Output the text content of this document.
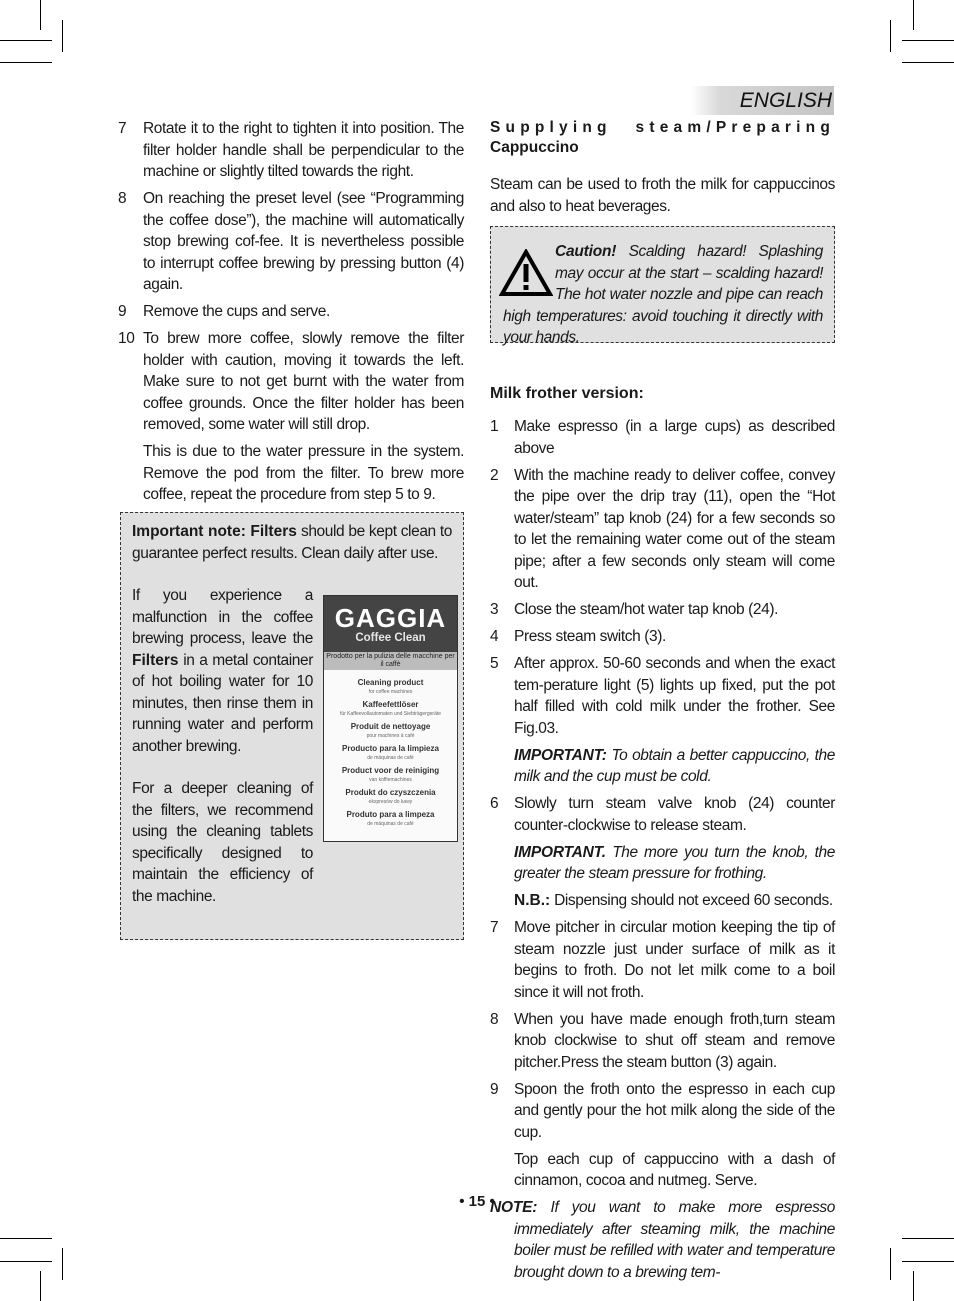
ENGLISH
7	Rotate it to the right to tighten it into position. The filter holder handle shall be perpendicular to the machine or slightly tilted towards the right.
8	On reaching the preset level (see “Programming the coffee dose”), the machine will automatically stop brewing cof-fee. It is nevertheless possible to interrupt coffee brewing by pressing button (4) again.
9	Remove the cups and serve.
10 To brew more coffee, slowly remove the filter holder with caution, moving it towards the left. Make sure to not get burnt with the water from coffee grounds. Once the filter holder has been removed, some water will still drop.
This is due to the water pressure in the system. Remove the pod from the filter. To brew more coffee, repeat the procedure from step 5 to 9.

Important note: Filters should be kept clean to guarantee perfect results. Clean daily after use.

If you experience a malfunction in the coffee brewing process, leave the Filters in a metal container of hot boiling water for 10 minutes, then rinse them in running water and perform another brewing.

For a deeper cleaning of the filters, we recommend using the cleaning tablets specifically designed to maintain the efficiency of the machine.

GAGGIA
Coffee Clean
Prodotto per la pulizia delle macchine per il caffè
Cleaning product
for coffee machines
Kaffeefettlöser
für Kaffeevollautomaten und Siebträgergeräte
Produit de nettoyage
pour machines à café
Producto para la limpieza
de máquinas de café
Product voor de reiniging
van koffiemachines
Produkt do czyszczenia
ekspresów do kawy
Produto para a limpeza
de máquinas de café
Supplying steam/Preparing
Cappuccino

Steam can be used to froth the milk for cappuccinos and also to heat beverages.

Caution! Scalding hazard! Splashing may occur at the start – scalding hazard! The hot water nozzle and pipe can reach high temperatures: avoid touching it directly with your hands.
Milk frother version:
1	Make espresso (in a large cups) as described above
2	With the machine ready to deliver coffee, convey the pipe over the drip tray (11), open the “Hot water/steam” tap knob (24) for a few seconds so to let the remaining water come out of the steam pipe; after a few seconds only steam will come out.
3	Close the steam/hot water tap knob (24).
4	Press steam switch (3).
5	After approx. 50-60 seconds and when the exact tem-perature light (5) lights up fixed, put the pot half filled with cold milk under the frother. See Fig.03.
IMPORTANT: To obtain a better cappuccino, the milk and the cup must be cold.
6	Slowly turn steam valve knob (24) counter counter-clockwise to release steam.
IMPORTANT. The more you turn the knob, the greater the steam pressure for frothing.
N.B.: Dispensing should not exceed 60 seconds.
7	Move pitcher in circular motion keeping the tip of steam nozzle just under surface of milk as it begins to froth. Do not let milk come to a boil since it will not froth.
8	When you have made enough froth,turn steam knob clockwise to shut off steam and remove pitcher.Press the steam button (3) again.
9	Spoon the froth onto the espresso in each cup and gently pour the hot milk along the side of the cup.
Top each cup of cappuccino with a dash of cinnamon, cocoa and nutmeg. Serve.
NOTE: If you want to make more espresso immediately after steaming milk, the machine boiler must be refilled with water and temperature brought down to a brewing tem-
• 15 •
